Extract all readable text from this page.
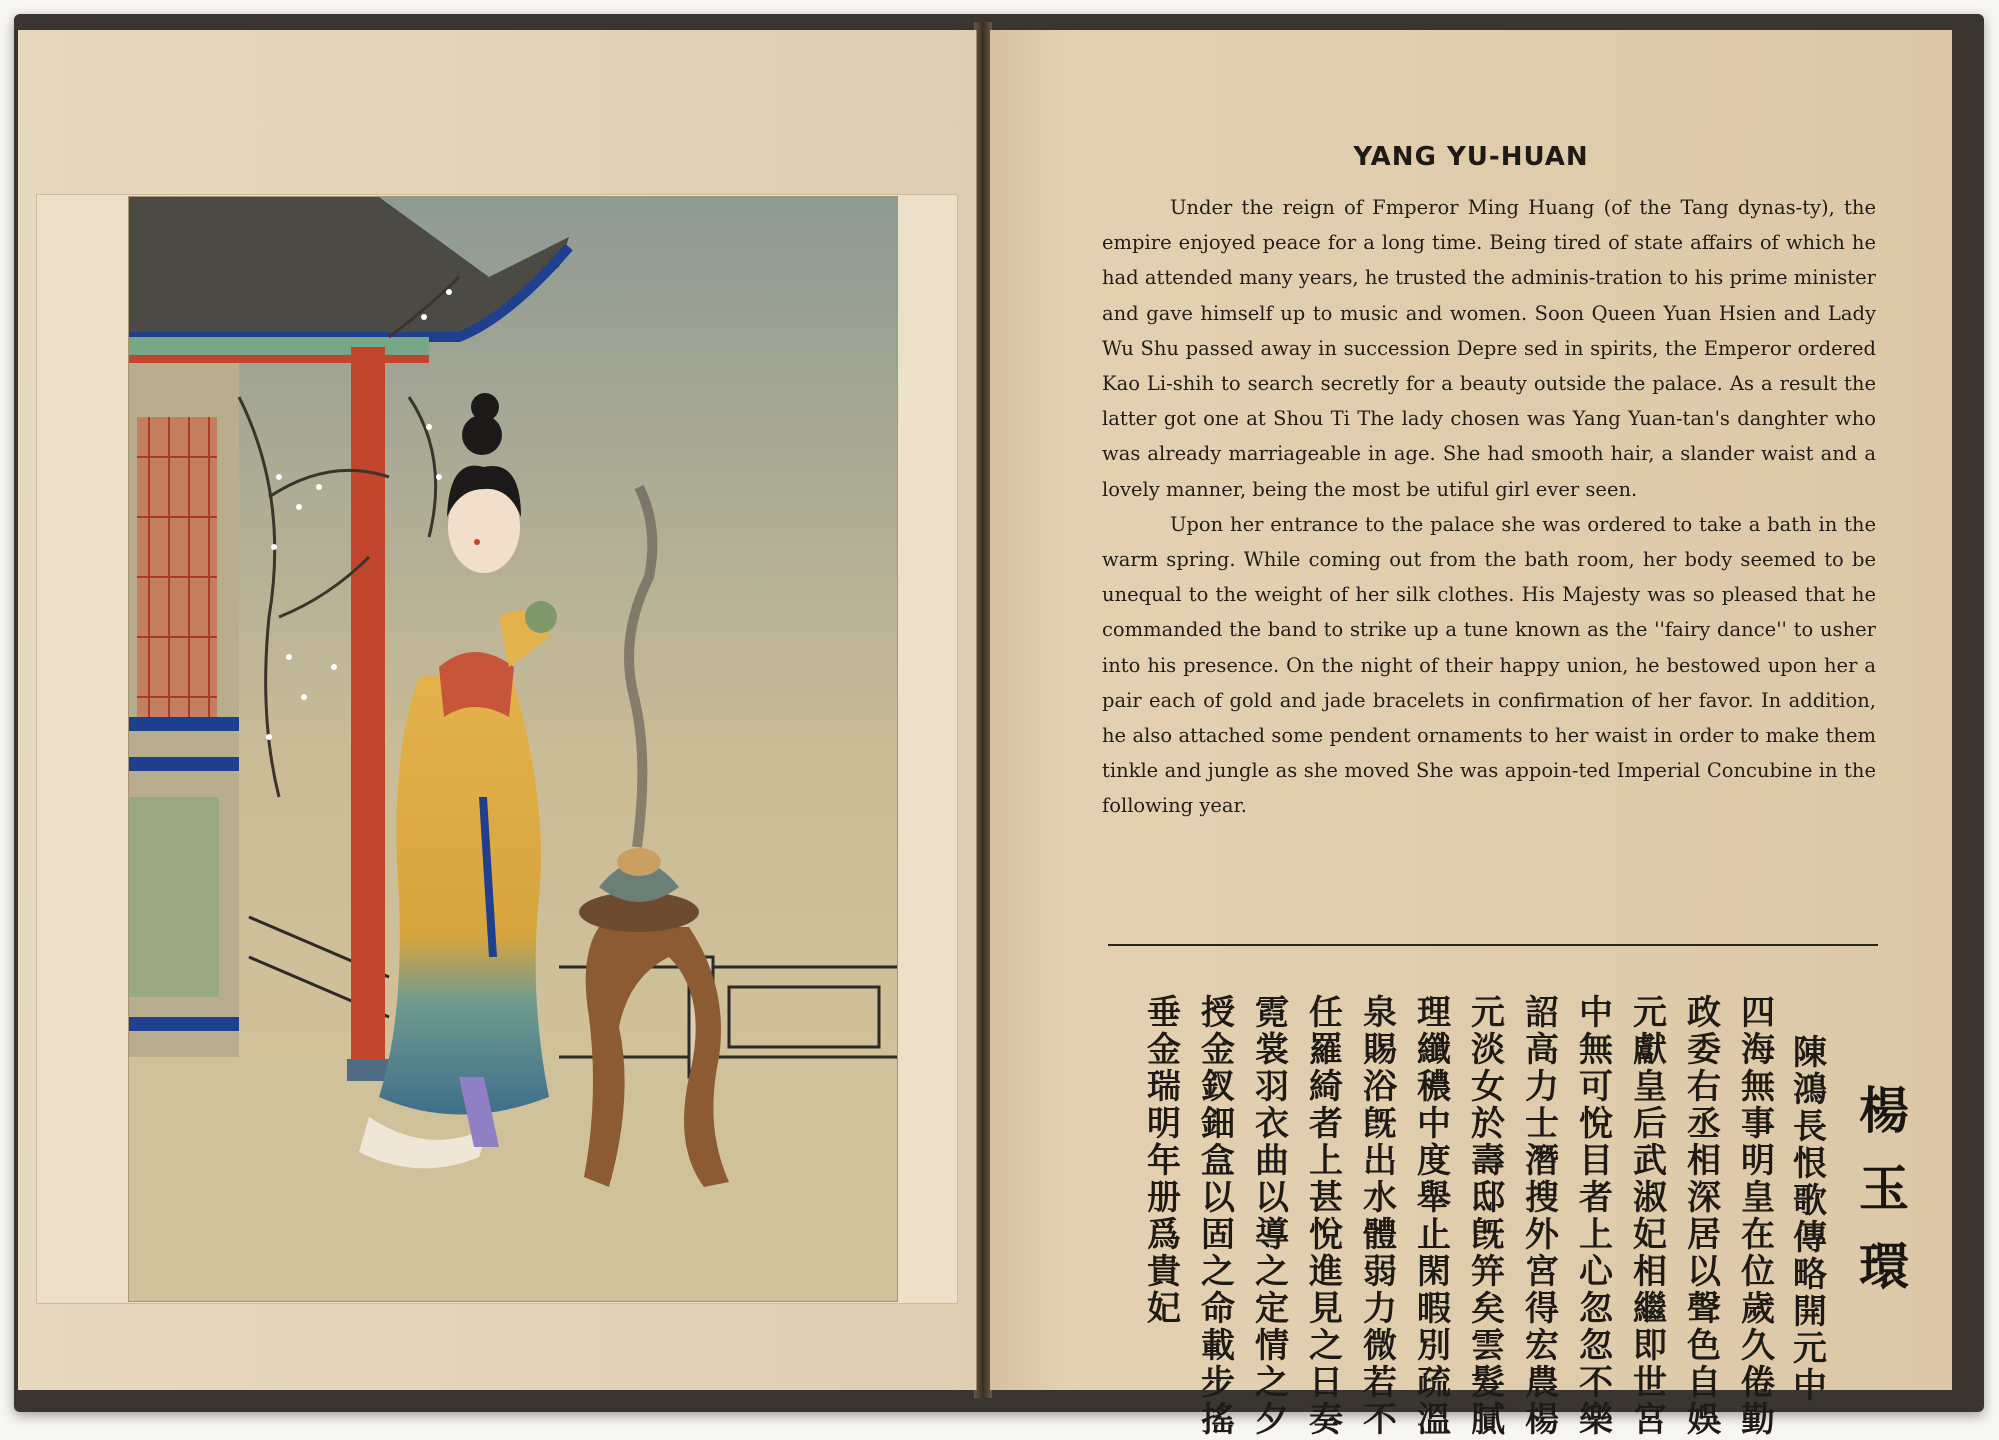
YANG YU-HUAN

Under the reign of Fmperor Ming Huang (of the Tang dynas-ty), the empire enjoyed peace for a long time. Being tired of state affairs of which he had attended many years, he trusted the adminis-tration to his prime minister and gave himself up to music and women. Soon Queen Yuan Hsien and Lady Wu Shu passed away in succession Depre sed in spirits, the Emperor ordered Kao Li-shih to search secretly for a beauty outside the palace. As a result the latter got one at Shou Ti The lady chosen was Yang Yuan-tan's danghter who was already marriageable in age. She had smooth hair, a slander waist and a lovely manner, being the most be utiful girl ever seen.

Upon her entrance to the palace she was ordered to take a bath in the warm spring. While coming out from the bath room, her body seemed to be unequal to the weight of her silk clothes. His Majesty was so pleased that he commanded the band to strike up a tune known as the ''fairy dance'' to usher into his presence. On the night of their happy union, he bestowed upon her a pair each of gold and jade bracelets in confirmation of her favor. In addition, he also attached some pendent ornaments to her waist in order to make them tinkle and jungle as she moved She was appoin-ted Imperial Concubine in the following year.

楊玉環
陳鴻長恨歌傳略開元中
四海無事明皇在位歲久倦勤
政委右丞相深居以聲色自娛
元獻皇后武淑妃相繼即世宮
中無可悅目者上心忽忽不樂
詔高力士潛搜外宮得宏農楊
元淡女於壽邸旣笄矣雲髮膩
理纖穠中度舉止閑暇別疏溫
泉賜浴旣出水體弱力微若不
任羅綺者上甚悅進見之日奏
霓裳羽衣曲以導之定情之夕
授金釵鈿盒以固之命載步搖
垂金瑞明年册爲貴妃
